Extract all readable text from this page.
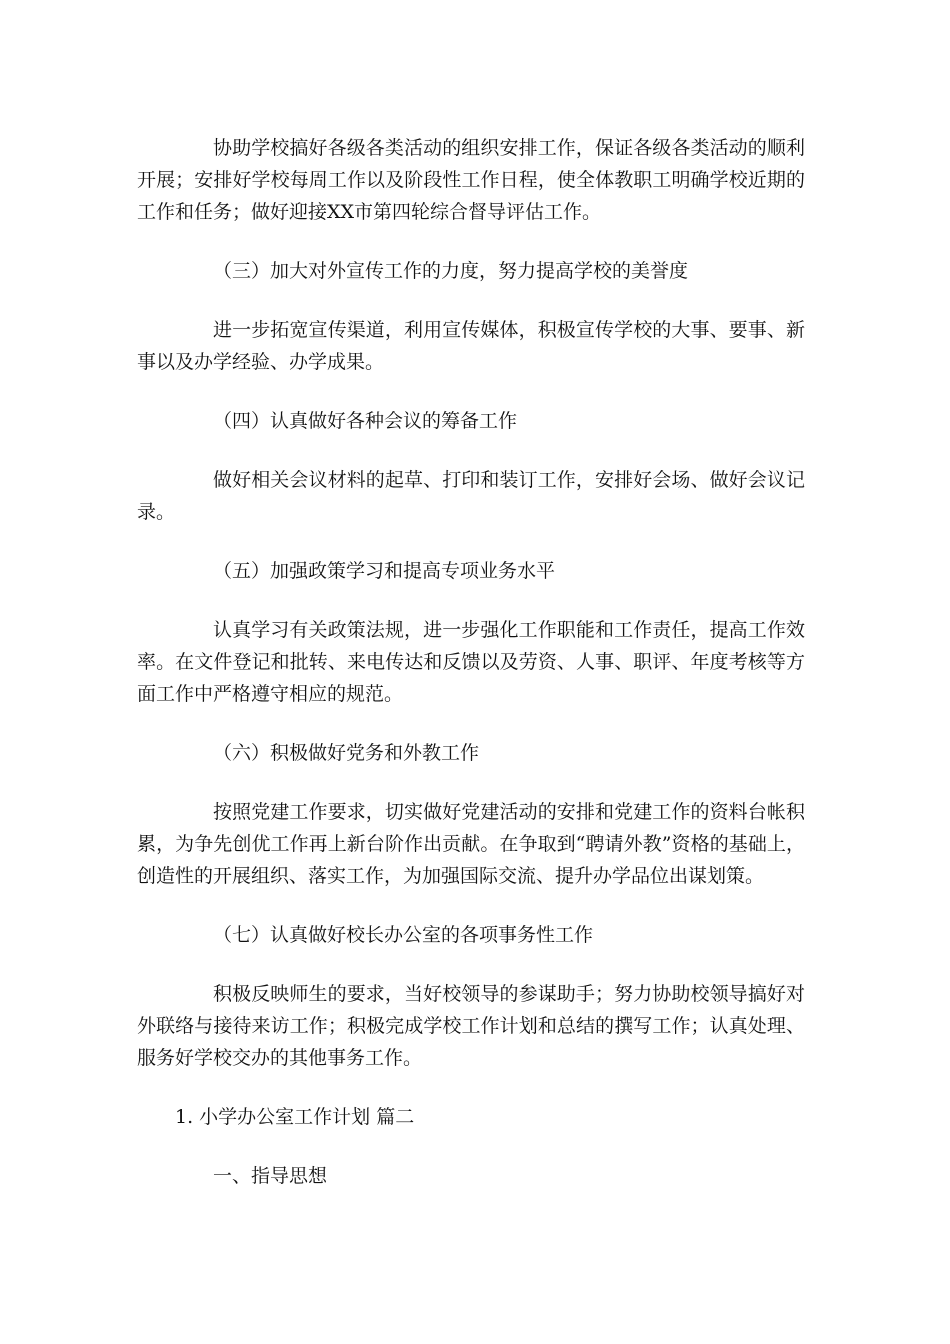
协助学校搞好各级各类活动的组织安排工作，保证各级各类活动的顺利开展；安排好学校每周工作以及阶段性工作日程，使全体教职工明确学校近期的工作和任务；做好迎接XX市第四轮综合督导评估工作。

（三）加大对外宣传工作的力度，努力提高学校的美誉度

进一步拓宽宣传渠道，利用宣传媒体，积极宣传学校的大事、要事、新事以及办学经验、办学成果。

（四）认真做好各种会议的筹备工作

做好相关会议材料的起草、打印和装订工作，安排好会场、做好会议记录。

（五）加强政策学习和提高专项业务水平

认真学习有关政策法规，进一步强化工作职能和工作责任，提高工作效率。在文件登记和批转、来电传达和反馈以及劳资、人事、职评、年度考核等方面工作中严格遵守相应的规范。

（六）积极做好党务和外教工作

按照党建工作要求，切实做好党建活动的安排和党建工作的资料台帐积累，为争先创优工作再上新台阶作出贡献。在争取到“聘请外教”资格的基础上，创造性的开展组织、落实工作，为加强国际交流、提升办学品位出谋划策。

（七）认真做好校长办公室的各项事务性工作

积极反映师生的要求，当好校领导的参谋助手；努力协助校领导搞好对外联络与接待来访工作；积极完成学校工作计划和总结的撰写工作；认真处理、服务好学校交办的其他事务工作。

1. 小学办公室工作计划 篇二

一、指导思想
